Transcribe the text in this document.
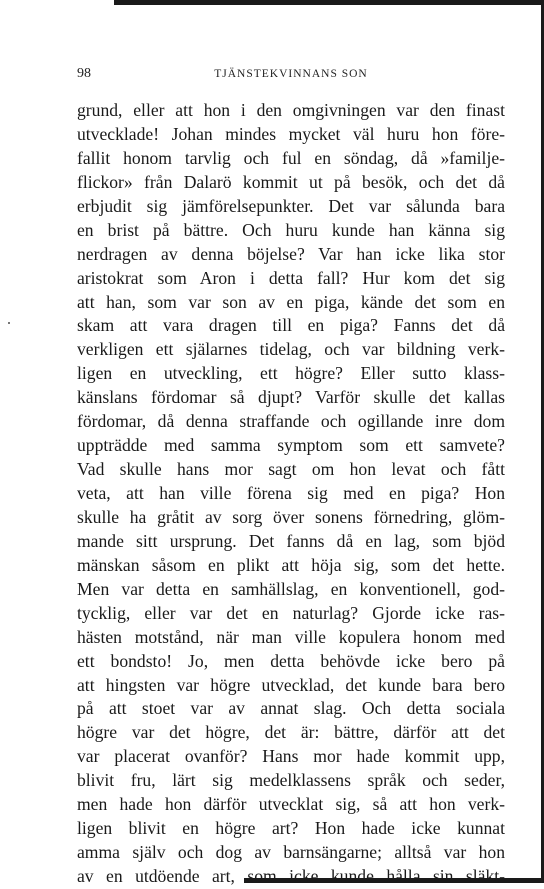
98	TJÄNSTEKVINNANS SON
grund, eller att hon i den omgivningen var den finast
utvecklade! Johan mindes mycket väl huru hon före-
fallit honom tarvlig och ful en söndag, då »familje-
flickor» från Dalarö kommit ut på besök, och det då
erbjudit sig jämförelsepunkter. Det var sålunda bara
en brist på bättre. Och huru kunde han känna sig
nerdragen av denna böjelse? Var han icke lika stor
aristokrat som Aron i detta fall? Hur kom det sig
att han, som var son av en piga, kände det som en
skam att vara dragen till en piga? Fanns det då
verkligen ett själarnes tidelag, och var bildning verk-
ligen en utveckling, ett högre? Eller sutto klass-
känslans fördomar så djupt? Varför skulle det kallas
fördomar, då denna straffande och ogillande inre dom
uppträdde med samma symptom som ett samvete?
Vad skulle hans mor sagt om hon levat och fått
veta, att han ville förena sig med en piga? Hon
skulle ha gråtit av sorg över sonens förnedring, glöm-
mande sitt ursprung. Det fanns då en lag, som bjöd
mänskan såsom en plikt att höja sig, som det hette.
Men var detta en samhällslag, en konventionell, god-
tycklig, eller var det en naturlag? Gjorde icke ras-
hästen motstånd, när man ville kopulera honom med
ett bondsto! Jo, men detta behövde icke bero på
att hingsten var högre utvecklad, det kunde bara bero
på att stoet var av annat slag. Och detta sociala
högre var det högre, det är: bättre, därför att det
var placerat ovanför? Hans mor hade kommit upp,
blivit fru, lärt sig medelklassens språk och seder,
men hade hon därför utvecklat sig, så att hon verk-
ligen blivit en högre art? Hon hade icke kunnat
amma själv och dog av barnsängarne; alltså var hon
av en utdöende art, som icke kunde hålla sin släkt-
